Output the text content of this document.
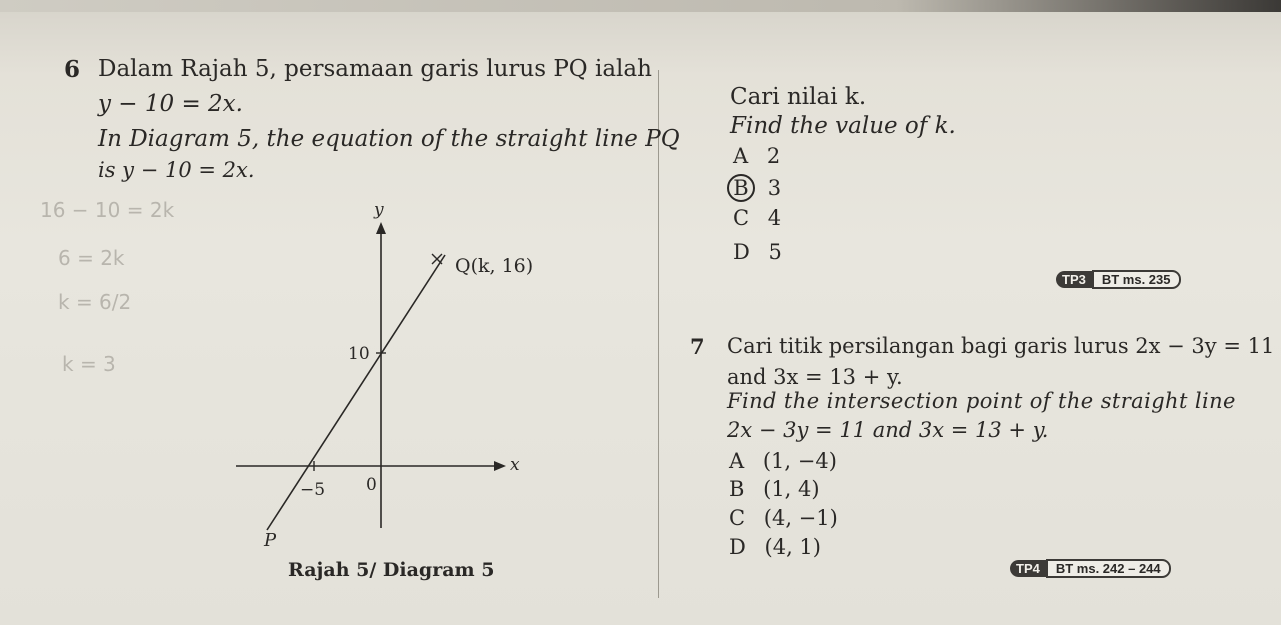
6 Dalam Rajah 5, persamaan garis lurus PQ ialah
y − 10 = 2x.
In Diagram 5, the equation of the straight line PQ
is y − 10 = 2x.
Cari nilai k.
Find the value of k.
A 2
B 3
C 4
D 5
TP3 BT ms. 235
16 − 10 = 2k
6 = 2k
k = 6/2
k = 3
y
x
Q(k, 16)
10
−5 0
P
Rajah 5/ Diagram 5
7 Cari titik persilangan bagi garis lurus 2x − 3y = 11
and 3x = 13 + y.
Find the intersection point of the straight line
2x − 3y = 11 and 3x = 13 + y.
A (1, −4)
B (1, 4)
C (4, −1)
D (4, 1)
TP4 BT ms. 242 – 244
